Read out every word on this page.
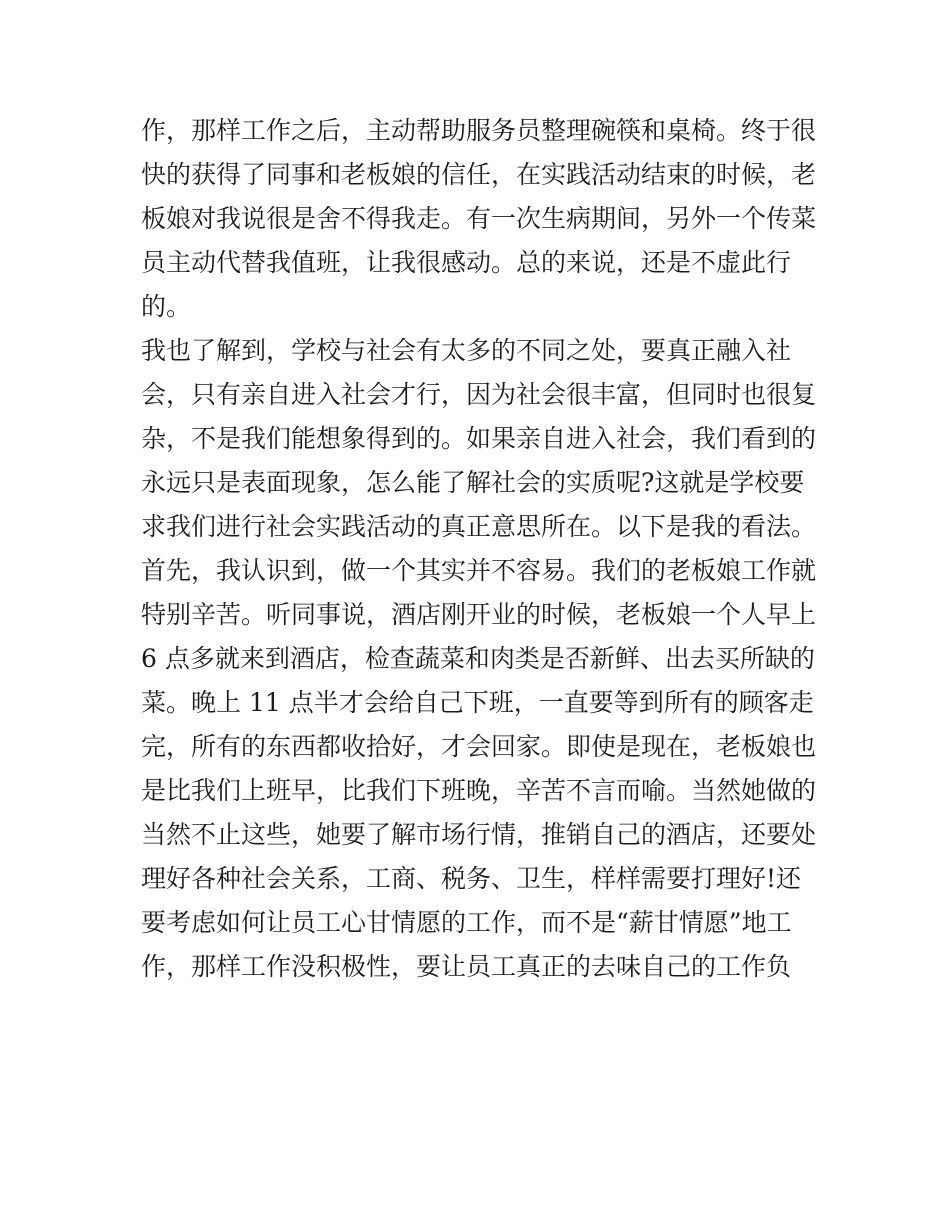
作，那样工作之后，主动帮助服务员整理碗筷和桌椅。终于很
快的获得了同事和老板娘的信任，在实践活动结束的时候，老
板娘对我说很是舍不得我走。有一次生病期间，另外一个传菜
员主动代替我值班，让我很感动。总的来说，还是不虚此行
的。
我也了解到，学校与社会有太多的不同之处，要真正融入社
会，只有亲自进入社会才行，因为社会很丰富，但同时也很复
杂，不是我们能想象得到的。如果亲自进入社会，我们看到的
永远只是表面现象，怎么能了解社会的实质呢?这就是学校要
求我们进行社会实践活动的真正意思所在。以下是我的看法。
首先，我认识到，做一个其实并不容易。我们的老板娘工作就
特别辛苦。听同事说，酒店刚开业的时候，老板娘一个人早上
6 点多就来到酒店，检查蔬菜和肉类是否新鲜、出去买所缺的
菜。晚上 11 点半才会给自己下班，一直要等到所有的顾客走
完，所有的东西都收拾好，才会回家。即使是现在，老板娘也
是比我们上班早，比我们下班晚，辛苦不言而喻。当然她做的
当然不止这些，她要了解市场行情，推销自己的酒店，还要处
理好各种社会关系，工商、税务、卫生，样样需要打理好!还
要考虑如何让员工心甘情愿的工作，而不是“薪甘情愿”地工
作，那样工作没积极性，要让员工真正的去味自己的工作负
